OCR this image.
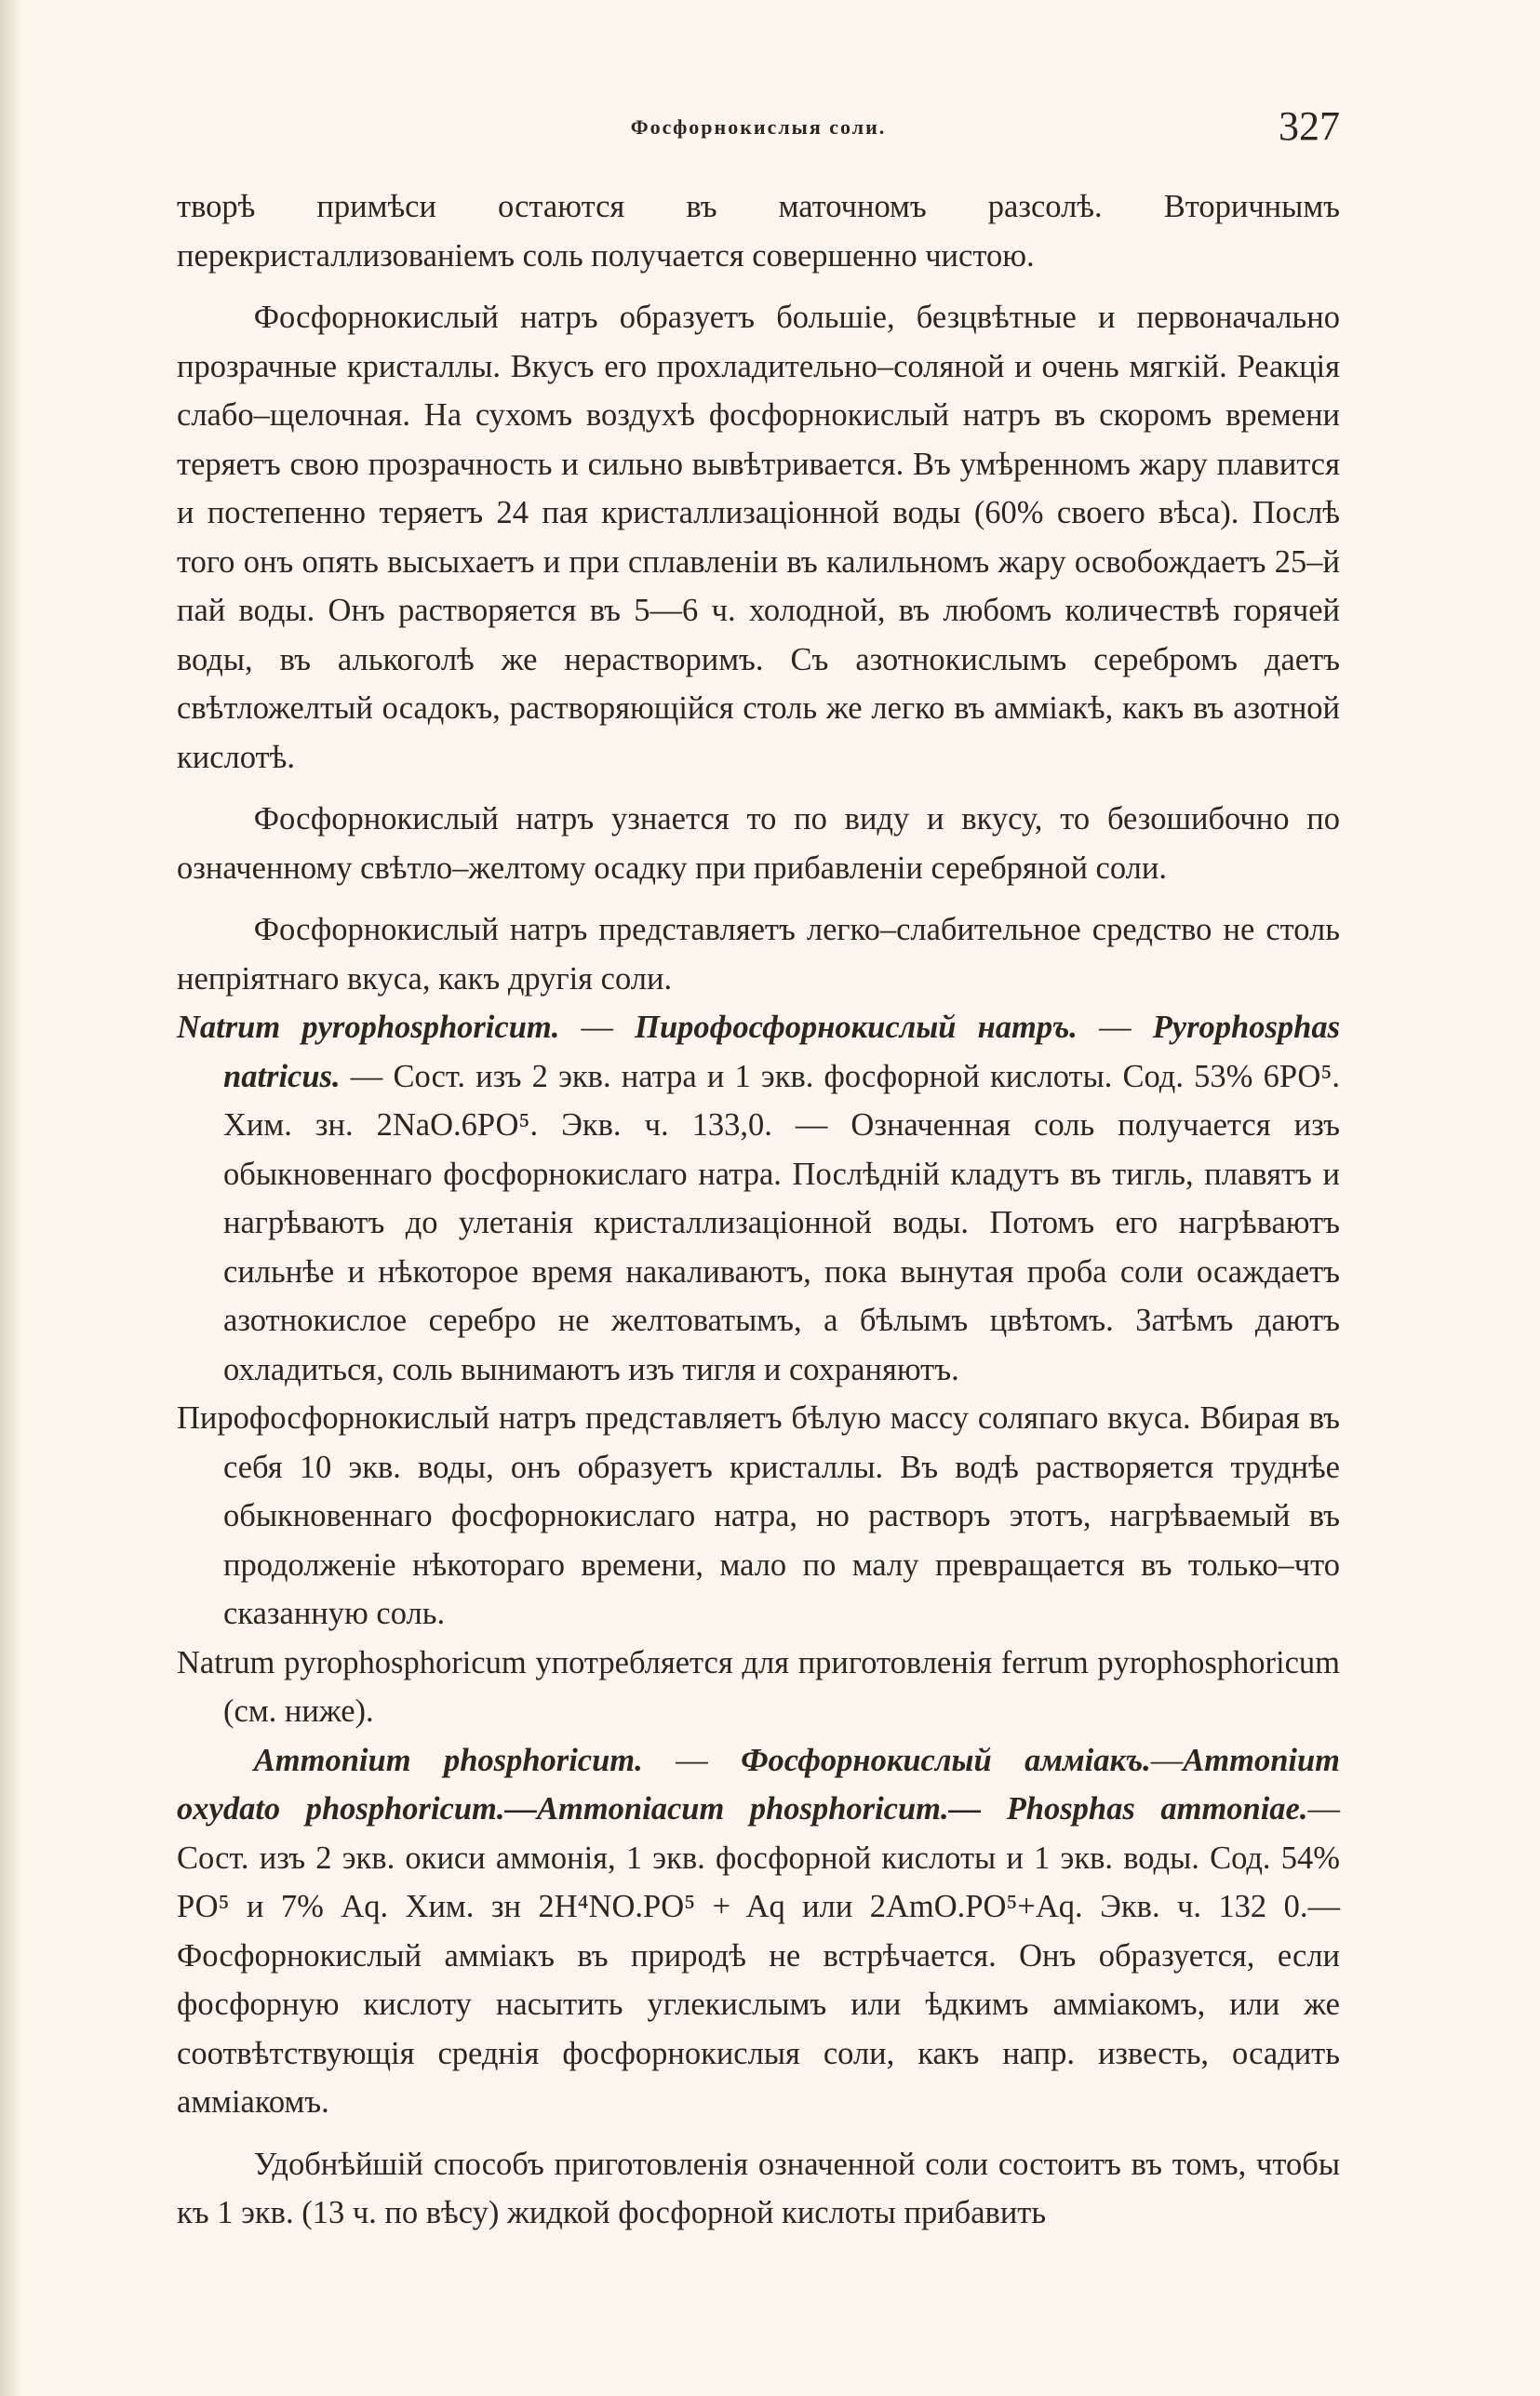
Фосфорнокислыя соли.	327

творѣ примѣси остаются въ маточномъ разсолѣ. Вторичнымъ перекристаллизованіемъ соль получается совершенно чистою.

Фосфорнокислый натръ образуетъ большіе, безцвѣтные и первоначально прозрачные кристаллы. Вкусъ его прохладительно–соляной и очень мягкій. Реакція слабо–щелочная. На сухомъ воздухѣ фосфорнокислый натръ въ скоромъ времени теряетъ свою прозрачность и сильно вывѣтривается. Въ умѣренномъ жару плавится и постепенно теряетъ 24 пая кристаллизаціонной воды (60% своего вѣса). Послѣ того онъ опять высыхаетъ и при сплавленіи въ калильномъ жару освобождаетъ 25–й пай воды. Онъ растворяется въ 5—6 ч. холодной, въ любомъ количествѣ горячей воды, въ алькоголѣ же нерастворимъ. Съ азотнокислымъ серебромъ даетъ свѣтложелтый осадокъ, растворяющійся столь же легко въ амміакѣ, какъ въ азотной кислотѣ.

Фосфорнокислый натръ узнается то по виду и вкусу, то безошибочно по означенному свѣтло–желтому осадку при прибавленіи серебряной соли.

Фосфорнокислый натръ представляетъ легко–слабительное средство не столь непріятнаго вкуса, какъ другія соли.

Natrum pyrophosphoricum. — Пирофосфорнокислый натръ. — Pyrophosphas natricus. — Сост. изъ 2 экв. натра и 1 экв. фосфорной кислоты. Сод. 53% 6РО⁵. Хим. зн. 2NaO.6РО⁵. Экв. ч. 133,0. — Означенная соль получается изъ обыкновеннаго фосфорнокислаго натра. Послѣдній кладутъ въ тигль, плавятъ и нагрѣваютъ до улетанія кристаллизаціонной воды. Потомъ его нагрѣваютъ сильнѣе и нѣкоторое время накаливаютъ, пока вынутая проба соли осаждаетъ азотнокислое серебро не желтоватымъ, а бѣлымъ цвѣтомъ. Затѣмъ даютъ охладиться, соль вынимаютъ изъ тигля и сохраняютъ.

Пирофосфорнокислый натръ представляетъ бѣлую массу соляпаго вкуса. Вбирая въ себя 10 экв. воды, онъ образуетъ кристаллы. Въ водѣ растворяется труднѣе обыкновеннаго фосфорнокислаго натра, но растворъ этотъ, нагрѣваемый въ продолженіе нѣкотораго времени, мало по малу превращается въ только–что сказанную соль.

Natrum pyrophosphoricum употребляется для приготовленія ferrum pyrophosphoricum (см. ниже).

Ammonium phosphoricum. — Фосфорнокислый амміакъ.—Ammonium oxydato phosphoricum.—Ammoniacum phosphoricum.— Phosphas ammoniae.—Сост. изъ 2 экв. окиси аммонія, 1 экв. фосфорной кислоты и 1 экв. воды. Сод. 54% РО⁵ и 7% Aq. Хим. зн 2H⁴NO.PO⁵ + Aq или 2AmO.PO⁵+Aq. Экв. ч. 132 0.—Фосфорнокислый амміакъ въ природѣ не встрѣчается. Онъ образуется, если фосфорную кислоту насытить углекислымъ или ѣдкимъ амміакомъ, или же соотвѣтствующія среднія фосфорнокислыя соли, какъ напр. известь, осадить амміакомъ.

Удобнѣйшій способъ приготовленія означенной соли состоитъ въ томъ, чтобы къ 1 экв. (13 ч. по вѣсу) жидкой фосфорной кислоты прибавить
